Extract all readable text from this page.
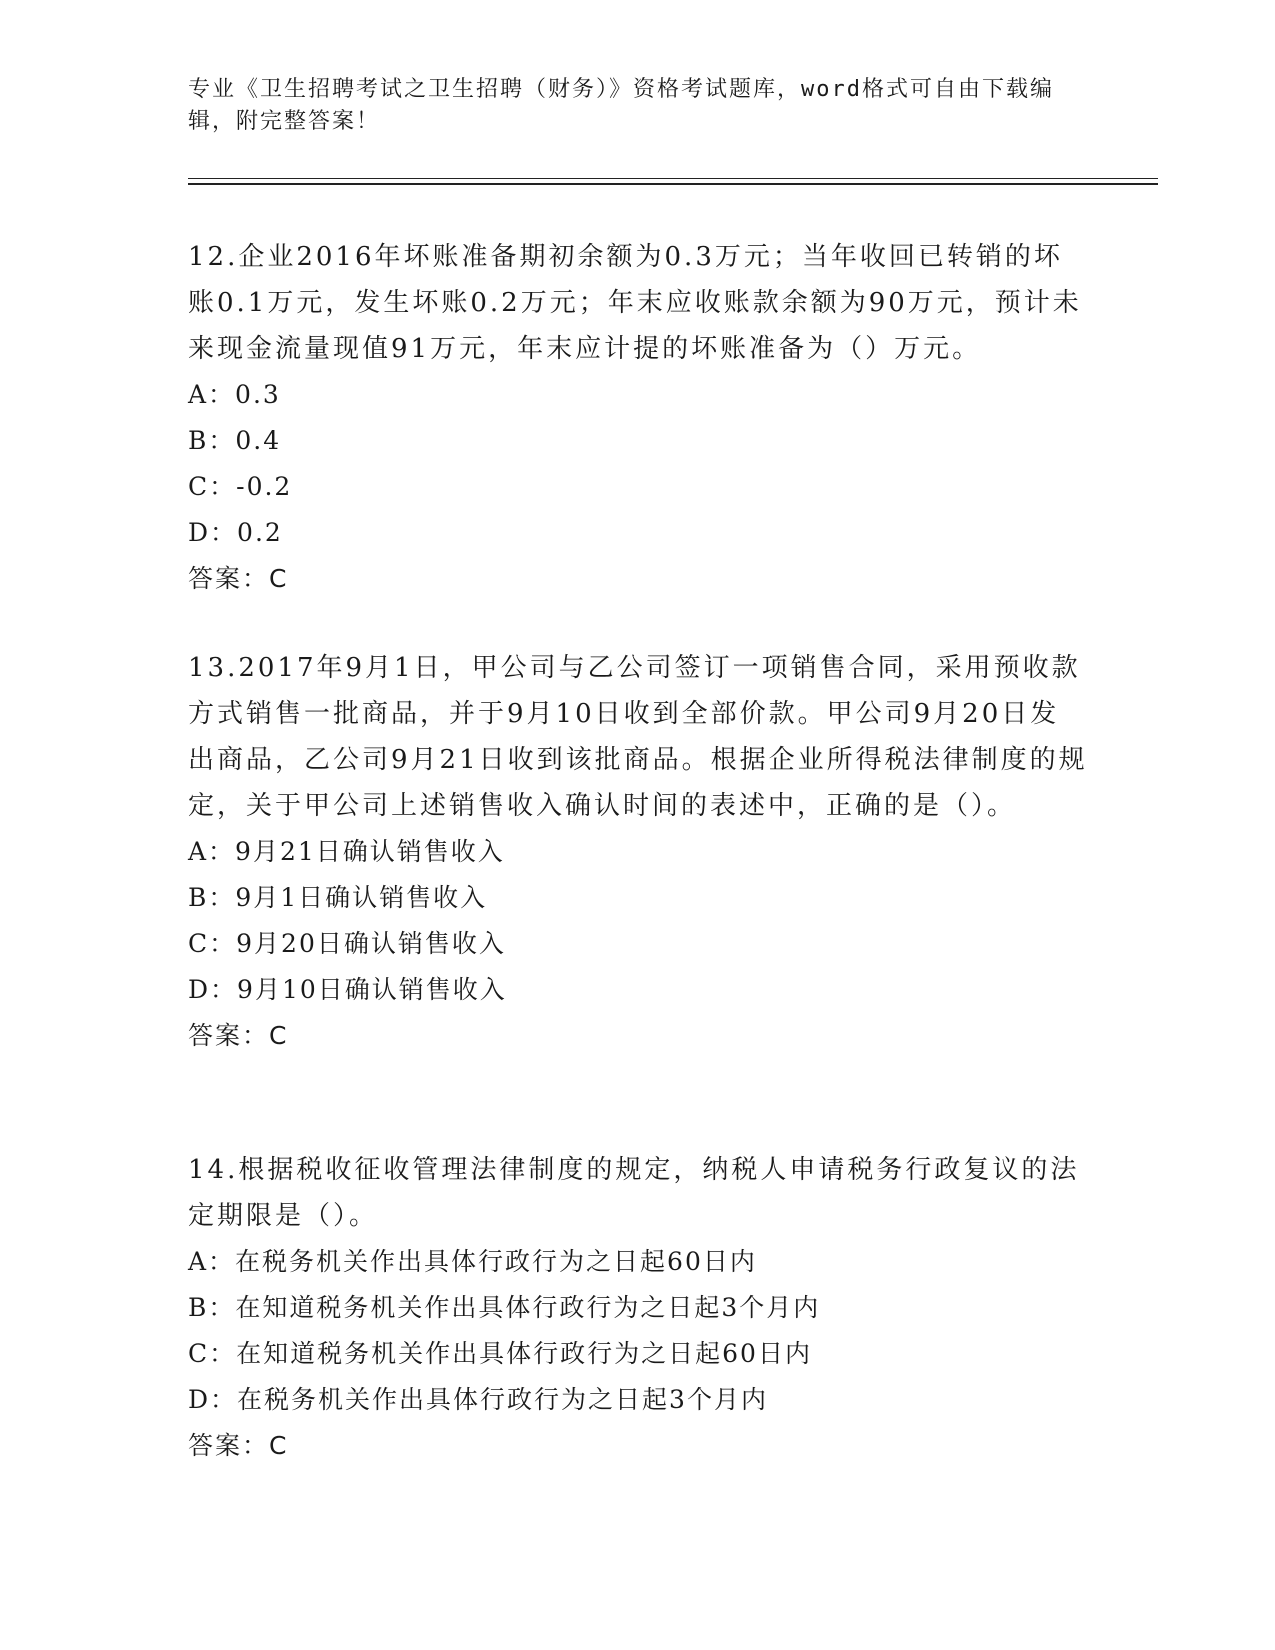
专业《卫生招聘考试之卫生招聘（财务）》资格考试题库，word格式可自由下载编辑，附完整答案！
12.企业2016年坏账准备期初余额为0.3万元；当年收回已转销的坏账0.1万元，发生坏账0.2万元；年末应收账款余额为90万元，预计未来现金流量现值91万元，年末应计提的坏账准备为（）万元。
A：0.3
B：0.4
C：-0.2
D：0.2
答案：C
13.2017年9月1日，甲公司与乙公司签订一项销售合同，采用预收款方式销售一批商品，并于9月10日收到全部价款。甲公司9月20日发出商品，乙公司9月21日收到该批商品。根据企业所得税法律制度的规定，关于甲公司上述销售收入确认时间的表述中，正确的是（）。
A：9月21日确认销售收入
B：9月1日确认销售收入
C：9月20日确认销售收入
D：9月10日确认销售收入
答案：C
14.根据税收征收管理法律制度的规定，纳税人申请税务行政复议的法定期限是（）。
A：在税务机关作出具体行政行为之日起60日内
B：在知道税务机关作出具体行政行为之日起3个月内
C：在知道税务机关作出具体行政行为之日起60日内
D：在税务机关作出具体行政行为之日起3个月内
答案：C
